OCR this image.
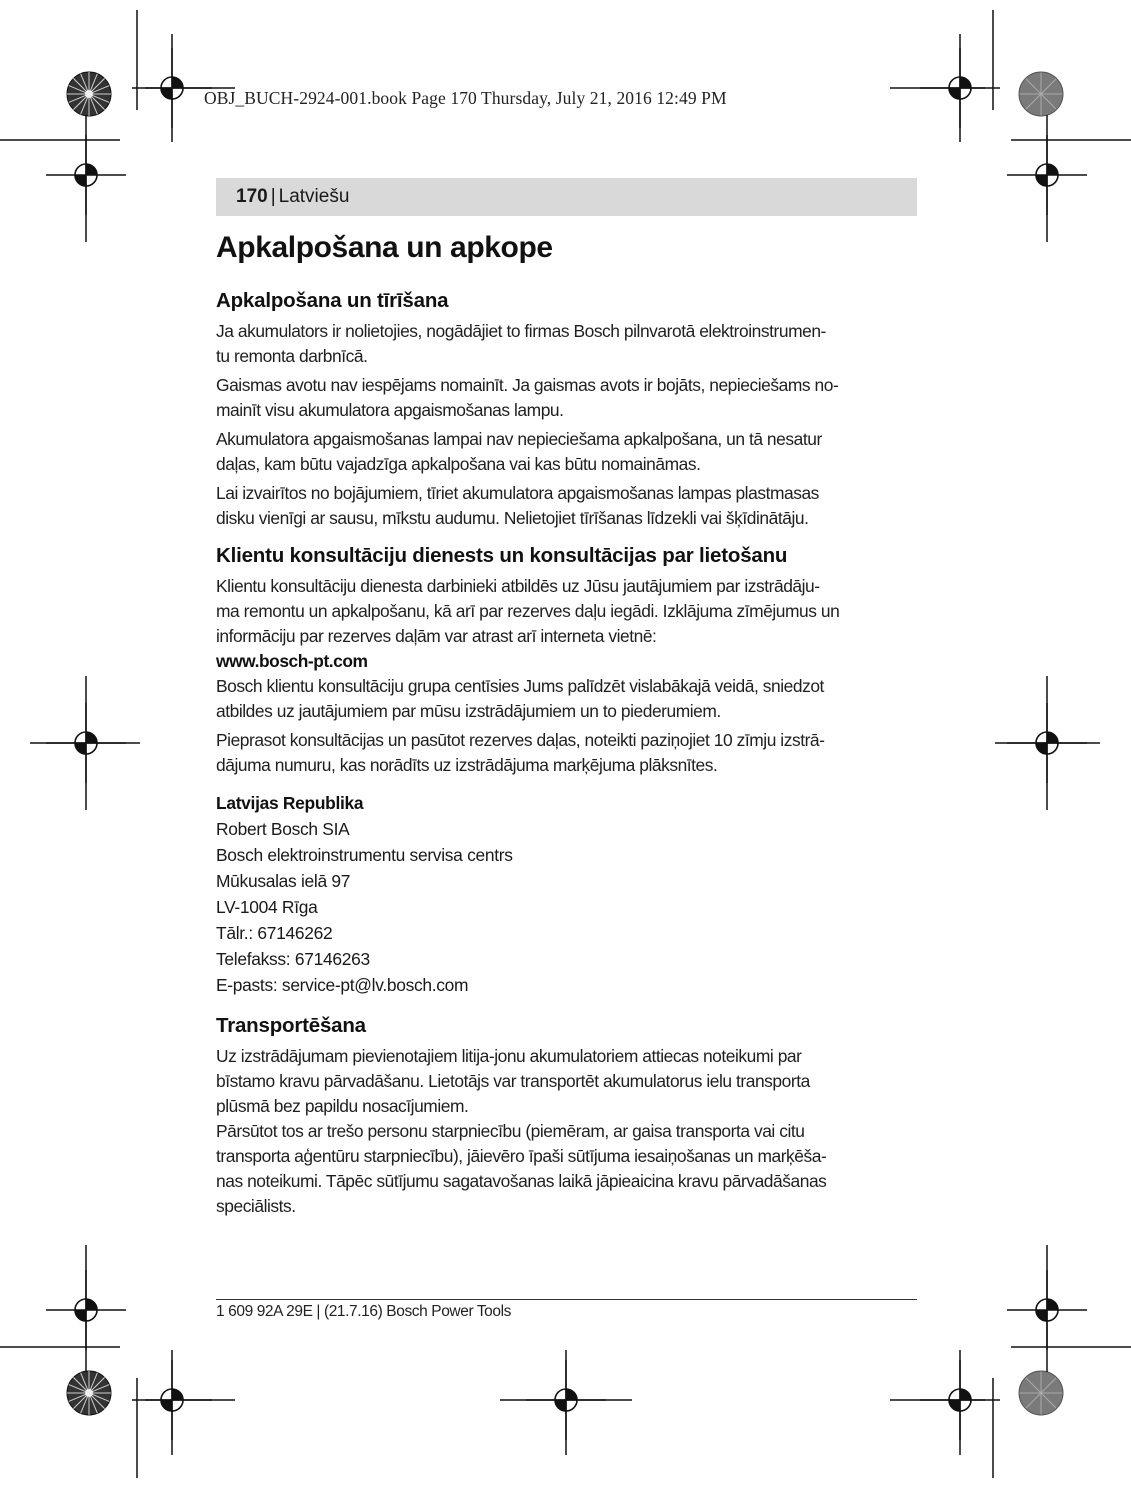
OBJ_BUCH-2924-001.book Page 170 Thursday, July 21, 2016 12:49 PM
170 | Latviešu
Apkalpošana un apkope
Apkalpošana un tīrīšana
Ja akumulators ir nolietojies, nogādājiet to firmas Bosch pilnvarotā elektroinstrumen-
tu remonta darbnīcā.
Gaismas avotu nav iespējams nomainīt. Ja gaismas avots ir bojāts, nepieciešams no-
mainīt visu akumulatora apgaismošanas lampu.
Akumulatora apgaismošanas lampai nav nepieciešama apkalpošana, un tā nesatur
daļas, kam būtu vajadzīga apkalpošana vai kas būtu nomaināmas.
Lai izvairītos no bojājumiem, tīriet akumulatora apgaismošanas lampas plastmasas
disku vienīgi ar sausu, mīkstu audumu. Nelietojiet tīrīšanas līdzekli vai šķīdinātāju.
Klientu konsultāciju dienests un konsultācijas par lietošanu
Klientu konsultāciju dienesta darbinieki atbildēs uz Jūsu jautājumiem par izstrādāju-
ma remontu un apkalpošanu, kā arī par rezerves daļu iegādi. Izklājuma zīmējumus un
informāciju par rezerves daļām var atrast arī interneta vietnē:
www.bosch-pt.com
Bosch klientu konsultāciju grupa centīsies Jums palīdzēt vislabākajā veidā, sniedzot
atbildes uz jautājumiem par mūsu izstrādājumiem un to piederumiem.
Pieprasot konsultācijas un pasūtot rezerves daļas, noteikti paziņojiet 10 zīmju izstrā-
dājuma numuru, kas norādīts uz izstrādājuma marķējuma plāksnītes.
Latvijas Republika
Robert Bosch SIA
Bosch elektroinstrumentu servisa centrs
Mūkusalas ielā 97
LV-1004 Rīga
Tālr.: 67146262
Telefakss: 67146263
E-pasts: service-pt@lv.bosch.com
Transportēšana
Uz izstrādājumam pievienotajiem litija-jonu akumulatoriem attiecas noteikumi par
bīstamo kravu pārvadāšanu. Lietotājs var transportēt akumulatorus ielu transporta
plūsmā bez papildu nosacījumiem.
Pārsūtot tos ar trešo personu starpniecību (piemēram, ar gaisa transporta vai citu
transporta aģentūru starpniecību), jāievēro īpaši sūtījuma iesaiņošanas un marķēša-
nas noteikumi. Tāpēc sūtījumu sagatavošanas laikā jāpieaicina kravu pārvadāšanas
speciālists.
1 609 92A 29E | (21.7.16) Bosch Power Tools
